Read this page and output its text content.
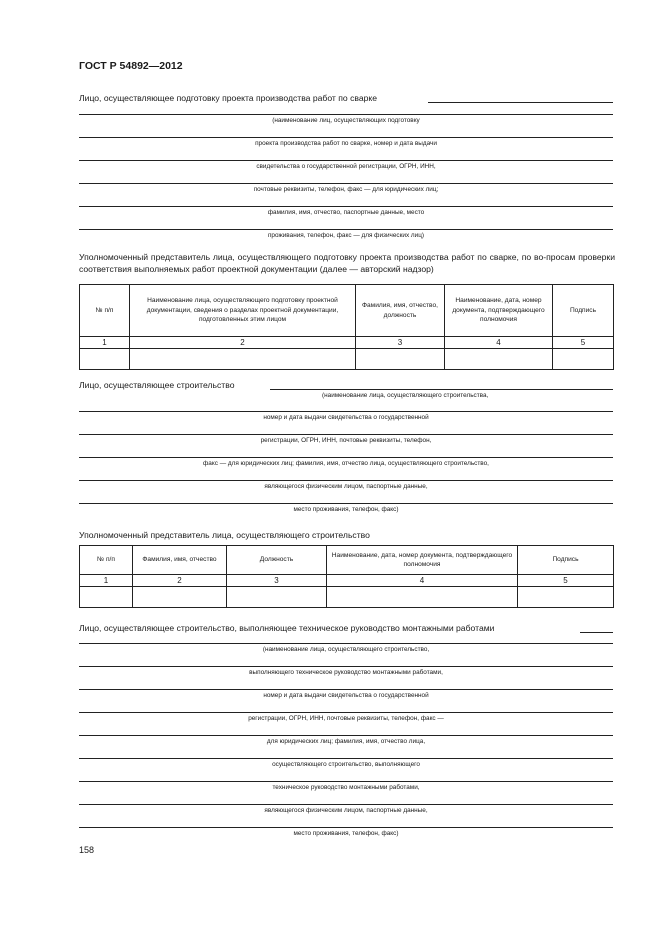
ГОСТ Р 54892—2012
Лицо, осуществляющее подготовку проекта производства работ по сварке
(наименование лиц, осуществляющих подготовку
проекта производства работ по сварке, номер и дата выдачи
свидетельства о государственной регистрации, ОГРН, ИНН,
почтовые реквизиты, телефон, факс — для юридических лиц;
фамилия, имя, отчество, паспортные данные, место
проживания, телефон, факс — для физических лиц)
Уполномоченный представитель лица, осуществляющего подготовку проекта производства работ по сварке, по во-просам проверки соответствия выполняемых работ проектной документации (далее — авторский надзор)
№ п/п	Наименование лица, осуществляющего подготовку проектной документации, сведения о разделах проектной документации, подготовленных этим лицом	Фамилия, имя, отчество, должность	Наименование, дата, номер документа, подтверждающего полномочия	Подпись
1	2	3	4	5

Лицо, осуществляющее строительство
(наименование лица, осуществляющего строительства,
номер и дата выдачи свидетельства о государственной
регистрации, ОГРН, ИНН, почтовые реквизиты, телефон,
факс — для юридических лиц; фамилия, имя, отчество лица, осуществляющего строительство,
являющегося физическим лицом, паспортные данные,
место проживания, телефон, факс)
Уполномоченный представитель лица, осуществляющего строительство
№ п/п	Фамилия, имя, отчество	Должность	Наименование, дата, номер документа, подтверждающего полномочия	Подпись
1	2	3	4	5

Лицо, осуществляющее строительство, выполняющее техническое руководство монтажными работами
(наименование лица, осуществляющего строительство,
выполняющего техническое руководство монтажными работами,
номер и дата выдачи свидетельства о государственной
регистрации, ОГРН, ИНН, почтовые реквизиты, телефон, факс —
для юридических лиц; фамилия, имя, отчество лица,
осуществляющего строительство, выполняющего
техническое руководство монтажными работами,
являющегося физическим лицом, паспортные данные,
место проживания, телефон, факс)
158
